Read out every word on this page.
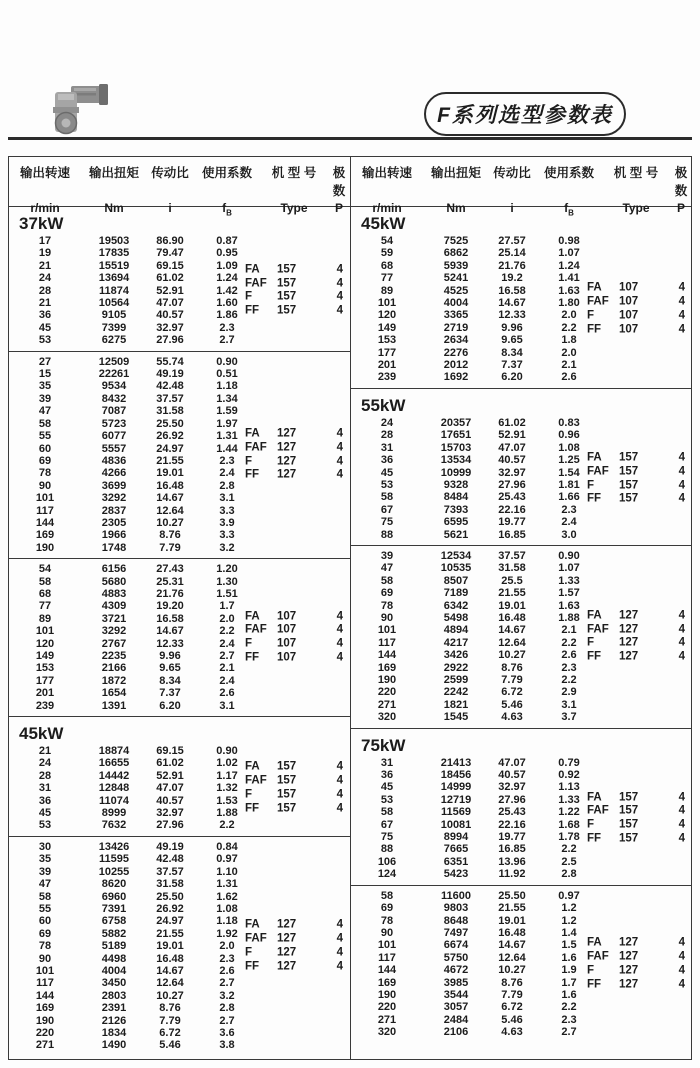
F系列选型参数表
输出转速	输出扭矩 传动比	使用系数	机 型 号	极 数
r/min	Nm	i	$f_B$	Type	P
37kW
17	19503	86.90	0.87
19	17835	79.47	0.95
21	15519	69.15	1.09
24	13694	61.02	1.24
28	11874	52.91	1.42
21	10564	47.07	1.60
36	9105	40.57	1.86
45	7399	32.97	2.3
53	6275	27.96	2.7
FA	157	4
FAF 157	4
F	157	4
FF	157	4
27	12509	55.74	0.90
15	22261	49.19	0.51
35	9534	42.48	1.18
39	8432	37.57	1.34
47	7087	31.58	1.59
58	5723	25.50	1.97
55	6077	26.92	1.31
60	5557	24.97	1.44
69	4836	21.55	2.3
78	4266	19.01	2.4
90	3699	16.48	2.8
101	3292	14.67	3.1
117	2837	12.64	3.3
144	2305	10.27	3.9
169	1966	8.76	3.3
190	1748	7.79	3.2
FA	127	4
FAF 127	4
F	127	4
FF	127	4
54	6156	27.43	1.20
58	5680	25.31	1.30
68	4883	21.76	1.51
77	4309	19.20	1.7
89	3721	16.58	2.0
101	3292	14.67	2.2
120	2767	12.33	2.4
149	2235	9.96	2.7
153	2166	9.65	2.1
177	1872	8.34	2.4
201	1654	7.37	2.6
239	1391	6.20	3.1
FA	107	4
FAF 107	4
F	107	4
FF	107	4
45kW
21	18874	69.15	0.90
24	16655	61.02	1.02
28	14442	52.91	1.17
31	12848	47.07	1.32
36	11074	40.57	1.53
45	8999	32.97	1.88
53	7632	27.96	2.2
FA	157	4
FAF 157	4
F	157	4
FF	157	4
30	13426	49.19	0.84
35	11595	42.48	0.97
39	10255	37.57	1.10
47	8620	31.58	1.31
58	6960	25.50	1.62
55	7391	26.92	1.08
60	6758	24.97	1.18
69	5882	21.55	1.92
78	5189	19.01	2.0
90	4498	16.48	2.3
101	4004	14.67	2.6
117	3450	12.64	2.7
144	2803	10.27	3.2
169	2391	8.76	2.8
190	2126	7.79	2.7
220	1834	6.72	3.6
271	1490	5.46	3.8
FA	127	4
FAF 127	4
F	127	4
FF	127	4
输出转速	输出扭矩 传动比	使用系数	机 型 号	极 数
r/min	Nm	i	$f_B$	Type	P
45kW
54	7525	27.57	0.98
59	6862	25.14	1.07
68	5939	21.76	1.24
77	5241	19.2	1.41
89	4525	16.58	1.63
101	4004	14.67	1.80
120	3365	12.33	2.0
149	2719	9.96	2.2
153	2634	9.65	1.8
177	2276	8.34	2.0
201	2012	7.37	2.1
239	1692	6.20	2.6
FA	107	4
FAF 107	4
F	107	4
FF	107	4
55kW
24	20357	61.02	0.83
28	17651	52.91	0.96
31	15703	47.07	1.08
36	13534	40.57	1.25
45	10999	32.97	1.54
53	9328	27.96	1.81
58	8484	25.43	1.66
67	7393	22.16	2.3
75	6595	19.77	2.4
88	5621	16.85	3.0
FA	157	4
FAF 157	4
F	157	4
FF	157	4
39	12534	37.57	0.90
47	10535	31.58	1.07
58	8507	25.5	1.33
69	7189	21.55	1.57
78	6342	19.01	1.63
90	5498	16.48	1.88
101	4894	14.67	2.1
117	4217	12.64	2.2
144	3426	10.27	2.6
169	2922	8.76	2.3
190	2599	7.79	2.2
220	2242	6.72	2.9
271	1821	5.46	3.1
320	1545	4.63	3.7
FA	127	4
FAF 127	4
F	127	4
FF	127	4
75kW
31	21413	47.07	0.79
36	18456	40.57	0.92
45	14999	32.97	1.13
53	12719	27.96	1.33
58	11569	25.43	1.22
67	10081	22.16	1.68
75	8994	19.77	1.78
88	7665	16.85	2.2
106	6351	13.96	2.5
124	5423	11.92	2.8
FA	157	4
FAF 157	4
F	157	4
FF	157	4
58	11600	25.50	0.97
69	9803	21.55	1.2
78	8648	19.01	1.2
90	7497	16.48	1.4
101	6674	14.67	1.5
117	5750	12.64	1.6
144	4672	10.27	1.9
169	3985	8.76	1.7
190	3544	7.79	1.6
220	3057	6.72	2.2
271	2484	5.46	2.3
320	2106	4.63	2.7
FA	127	4
FAF 127	4
F	127	4
FF	127	4
